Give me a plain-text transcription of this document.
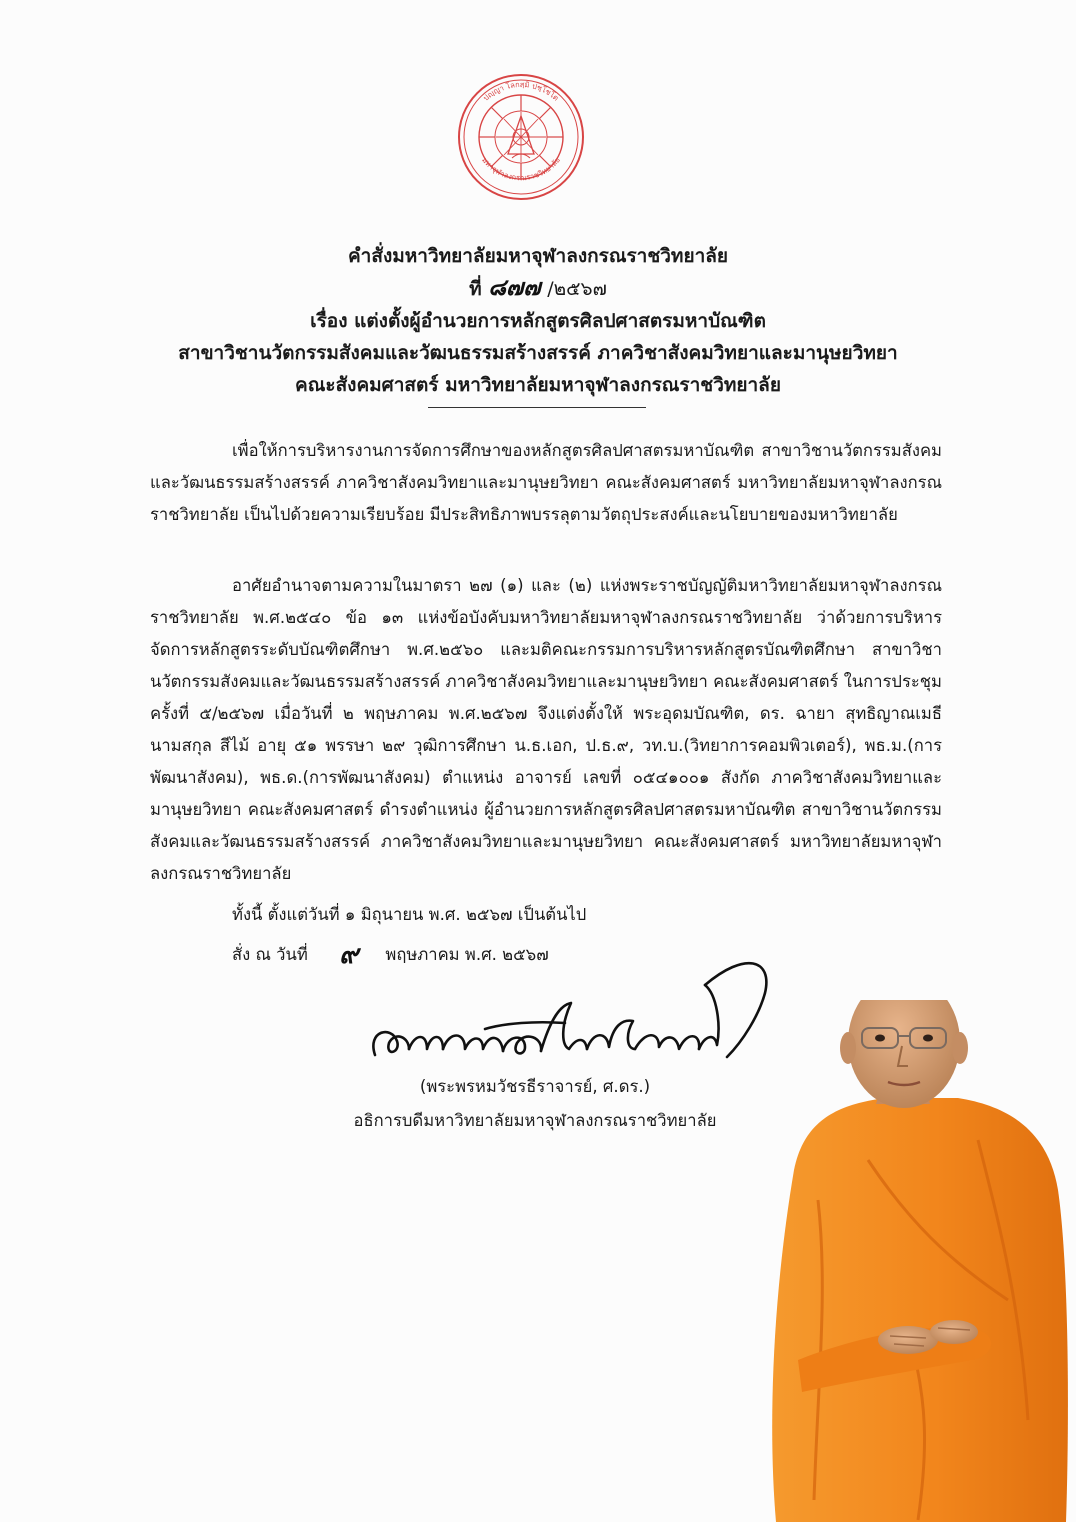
ปญฺญา โลกสฺมิ ปชฺโชโต
มหาจุฬาลงกรณราชวิทยาลัย
คำสั่งมหาวิทยาลัยมหาจุฬาลงกรณราชวิทยาลัย
ที่ ๘๗๗ /๒๕๖๗
เรื่อง แต่งตั้งผู้อำนวยการหลักสูตรศิลปศาสตรมหาบัณฑิต
สาขาวิชานวัตกรรมสังคมและวัฒนธรรมสร้างสรรค์ ภาควิชาสังคมวิทยาและมานุษยวิทยา
คณะสังคมศาสตร์ มหาวิทยาลัยมหาจุฬาลงกรณราชวิทยาลัย

เพื่อให้การบริหารงานการจัดการศึกษาของหลักสูตรศิลปศาสตรมหาบัณฑิต สาขาวิชานวัตกรรมสังคมและวัฒนธรรมสร้างสรรค์ ภาควิชาสังคมวิทยาและมานุษยวิทยา คณะสังคมศาสตร์ มหาวิทยาลัยมหาจุฬาลงกรณราชวิทยาลัย เป็นไปด้วยความเรียบร้อย มีประสิทธิภาพบรรลุตามวัตถุประสงค์และนโยบายของมหาวิทยาลัย

อาศัยอำนาจตามความในมาตรา ๒๗ (๑) และ (๒) แห่งพระราชบัญญัติมหาวิทยาลัยมหาจุฬาลงกรณราชวิทยาลัย พ.ศ.๒๕๔๐ ข้อ ๑๓ แห่งข้อบังคับมหาวิทยาลัยมหาจุฬาลงกรณราชวิทยาลัย ว่าด้วยการบริหารจัดการหลักสูตรระดับบัณฑิตศึกษา พ.ศ.๒๕๖๐ และมติคณะกรรมการบริหารหลักสูตรบัณฑิตศึกษา สาขาวิชานวัตกรรมสังคมและวัฒนธรรมสร้างสรรค์ ภาควิชาสังคมวิทยาและมานุษยวิทยา คณะสังคมศาสตร์ ในการประชุม ครั้งที่ ๕/๒๕๖๗ เมื่อวันที่ ๒ พฤษภาคม พ.ศ.๒๕๖๗ จึงแต่งตั้งให้ พระอุดมบัณฑิต, ดร. ฉายา สุทธิญาณเมธี นามสกุล สีไม้ อายุ ๕๑ พรรษา ๒๙ วุฒิการศึกษา น.ธ.เอก, ป.ธ.๙, วท.บ.(วิทยาการคอมพิวเตอร์), พธ.ม.(การพัฒนาสังคม), พธ.ด.(การพัฒนาสังคม) ตำแหน่ง อาจารย์ เลขที่ ๐๕๔๑๐๐๑ สังกัด ภาควิชาสังคมวิทยาและมานุษยวิทยา คณะสังคมศาสตร์ ดำรงตำแหน่ง ผู้อำนวยการหลักสูตรศิลปศาสตรมหาบัณฑิต สาขาวิชานวัตกรรมสังคมและวัฒนธรรมสร้างสรรค์ ภาควิชาสังคมวิทยาและมานุษยวิทยา คณะสังคมศาสตร์ มหาวิทยาลัยมหาจุฬาลงกรณราชวิทยาลัย

ทั้งนี้ ตั้งแต่วันที่ ๑ มิถุนายน พ.ศ. ๒๕๖๗ เป็นต้นไป
สั่ง ณ วันที่ ๙ พฤษภาคม พ.ศ. ๒๕๖๗
(พระพรหมวัชรธีราจารย์, ศ.ดร.)
อธิการบดีมหาวิทยาลัยมหาจุฬาลงกรณราชวิทยาลัย
